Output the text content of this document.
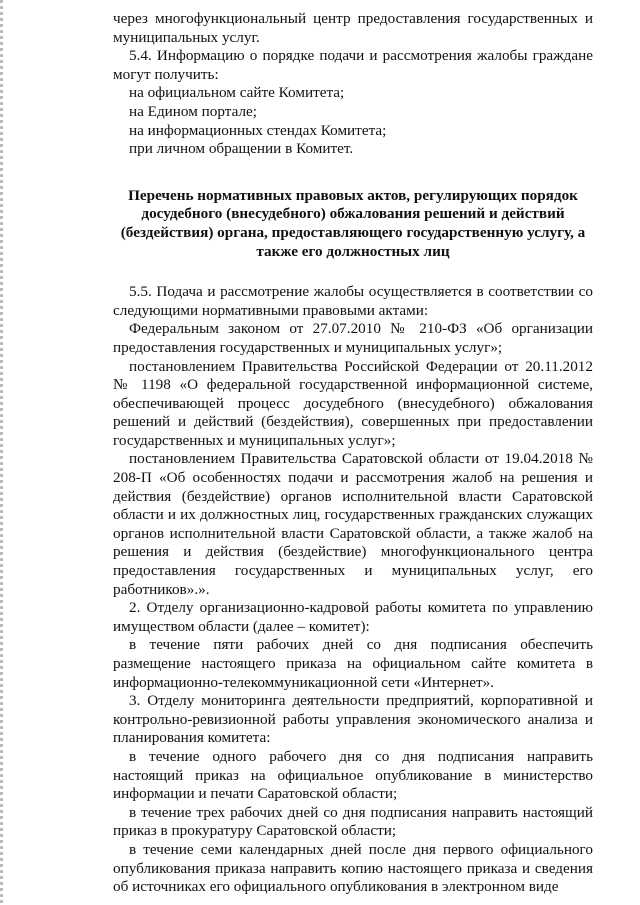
через многофункциональный центр предоставления государственных и муниципальных услуг.

5.4. Информацию о порядке подачи и рассмотрения жалобы граждане могут получить:

на официальном сайте Комитета;

на Едином портале;

на информационных стендах Комитета;

при личном обращении в Комитет.

Перечень нормативных правовых актов, регулирующих порядок досудебного (внесудебного) обжалования решений и действий (бездействия) органа, предоставляющего государственную услугу, а также его должностных лиц

5.5. Подача и рассмотрение жалобы осуществляется в соответствии со следующими нормативными правовыми актами:

Федеральным законом от 27.07.2010 № 210-ФЗ «Об организации предоставления государственных и муниципальных услуг»;

постановлением Правительства Российской Федерации от 20.11.2012 № 1198 «О федеральной государственной информационной системе, обеспечивающей процесс досудебного (внесудебного) обжалования решений и действий (бездействия), совершенных при предоставлении государственных и муниципальных услуг»;

постановлением Правительства Саратовской области от 19.04.2018 № 208-П «Об особенностях подачи и рассмотрения жалоб на решения и действия (бездействие) органов исполнительной власти Саратовской области и их должностных лиц, государственных гражданских служащих органов исполнительной власти Саратовской области, а также жалоб на решения и действия (бездействие) многофункционального центра предоставления государственных и муниципальных услуг, его работников».».

2. Отделу организационно-кадровой работы комитета по управлению имуществом области (далее – комитет):

в течение пяти рабочих дней со дня подписания обеспечить размещение настоящего приказа на официальном сайте комитета в информационно-телекоммуникационной сети «Интернет».

3. Отделу мониторинга деятельности предприятий, корпоративной и контрольно-ревизионной работы управления экономического анализа и планирования комитета:

в течение одного рабочего дня со дня подписания направить настоящий приказ на официальное опубликование в министерство информации и печати Саратовской области;

в течение трех рабочих дней со дня подписания направить настоящий приказ в прокуратуру Саратовской области;

в течение семи календарных дней после дня первого официального опубликования приказа направить копию настоящего приказа и сведения об источниках его официального опубликования в электронном виде
